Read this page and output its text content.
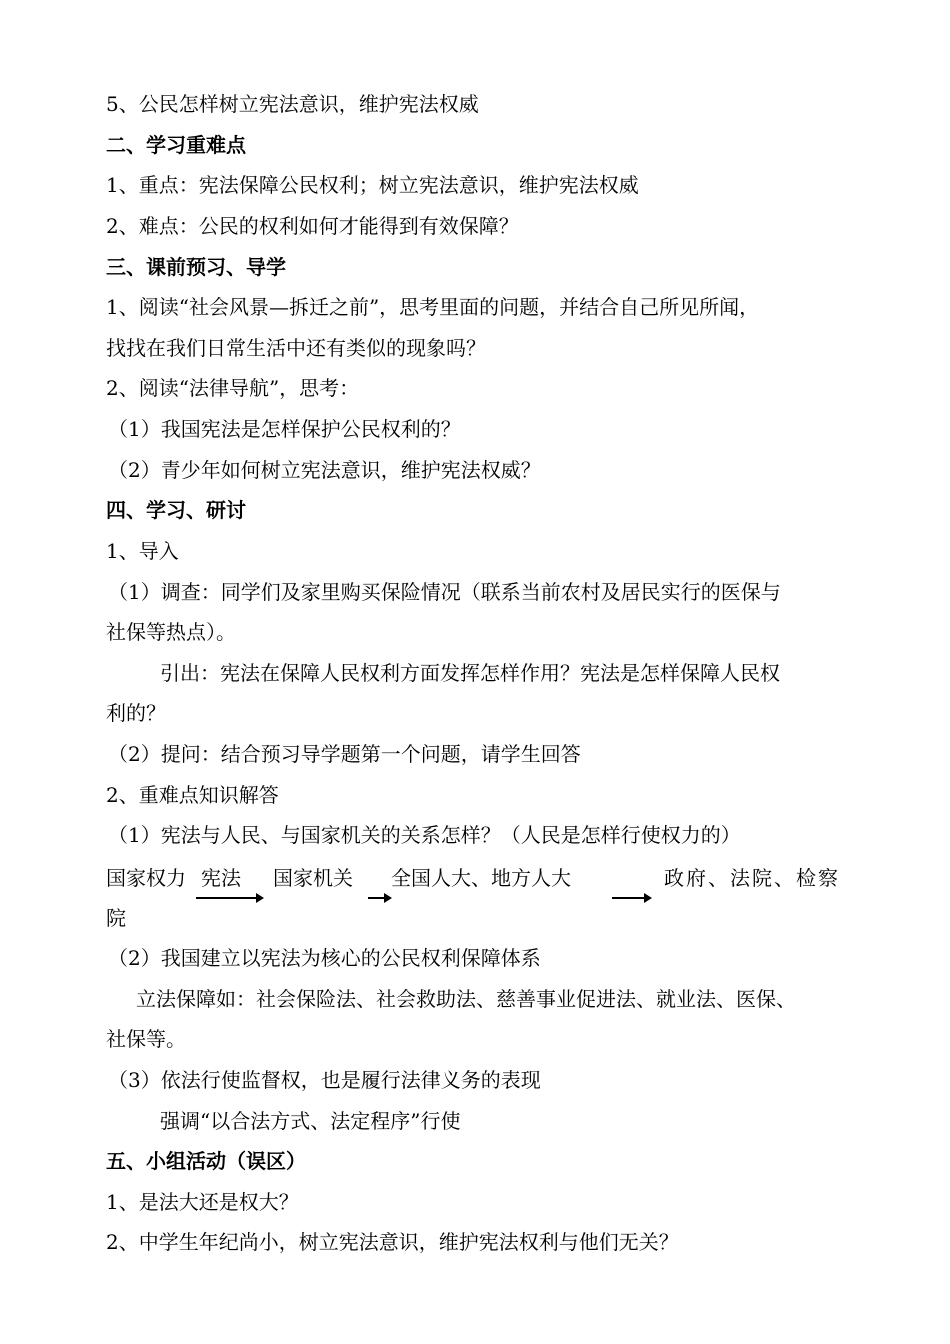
5、公民怎样树立宪法意识，维护宪法权威
二、学习重难点
1、重点：宪法保障公民权利；树立宪法意识，维护宪法权威
2、难点：公民的权利如何才能得到有效保障？
三、课前预习、导学
1、阅读“社会风景—拆迁之前”，思考里面的问题，并结合自己所见所闻，
找找在我们日常生活中还有类似的现象吗？
2、阅读“法律导航”，思考：
（1）我国宪法是怎样保护公民权利的？
（2）青少年如何树立宪法意识，维护宪法权威？
四、学习、研讨
1、导入
（1）调查：同学们及家里购买保险情况（联系当前农村及居民实行的医保与
社保等热点）。
引出：宪法在保障人民权利方面发挥怎样作用？宪法是怎样保障人民权
利的？
（2）提问：结合预习导学题第一个问题，请学生回答
2、重难点知识解答
（1）宪法与人民、与国家机关的关系怎样？（人民是怎样行使权力的）
国家权力 宪法 国家机关 全国人大、地方人大	政府、法院、检察
院
（2）我国建立以宪法为核心的公民权利保障体系
立法保障如：社会保险法、社会救助法、慈善事业促进法、就业法、医保、
社保等。
（3）依法行使监督权，也是履行法律义务的表现
强调“以合法方式、法定程序”行使
五、小组活动（误区）
1、是法大还是权大？
2、中学生年纪尚小，树立宪法意识，维护宪法权利与他们无关？
